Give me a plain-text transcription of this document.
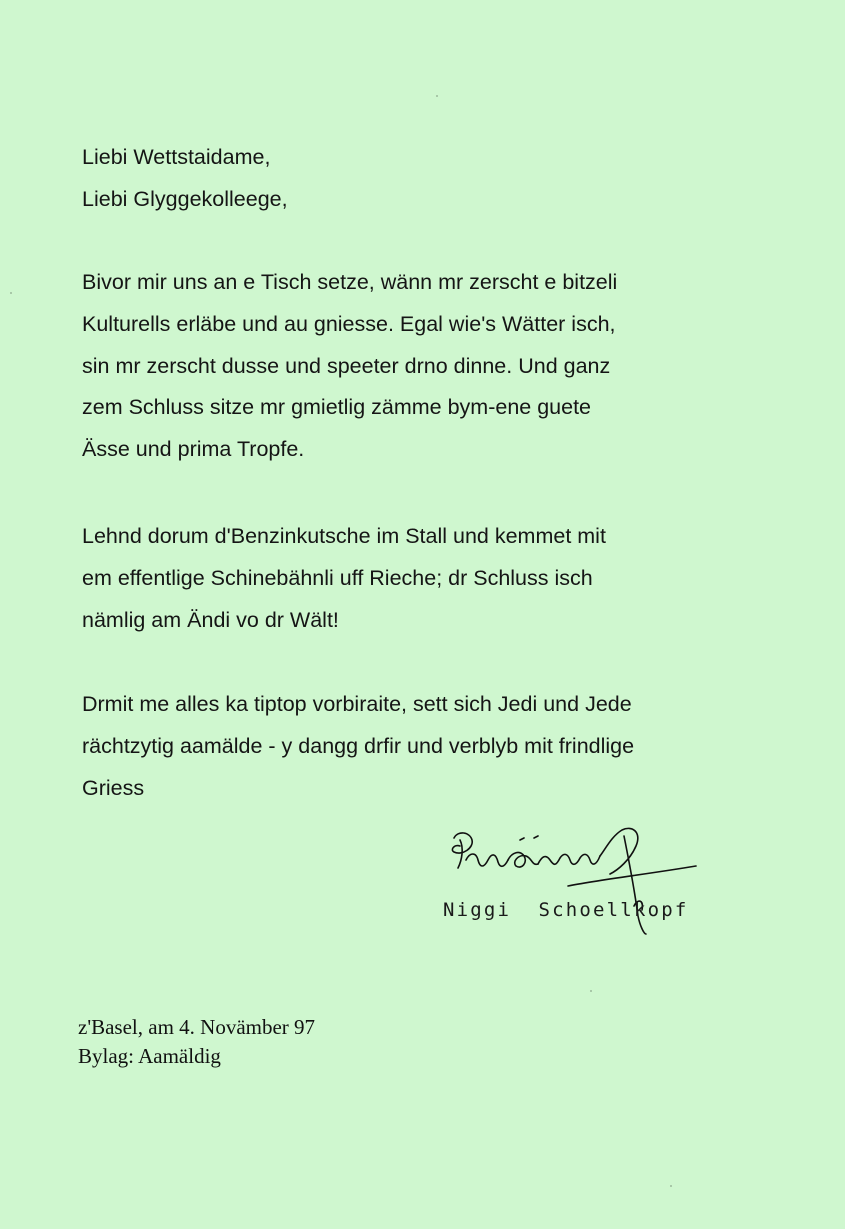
Liebi Wettstaidame,
Liebi Glyggekolleege,
Bivor mir uns an e Tisch setze, wänn mr zerscht e bitzeli
Kulturells erläbe und au gniesse. Egal wie's Wätter isch,
sin mr zerscht dusse und speeter drno dinne. Und ganz
zem Schluss sitze mr gmietlig zämme bym-ene guete
Ässe und prima Tropfe.
Lehnd dorum d'Benzinkutsche im Stall und kemmet mit
em effentlige Schinebähnli uff Rieche; dr Schluss isch
nämlig am Ändi vo dr Wält!
Drmit me alles ka tiptop vorbiraite, sett sich Jedi und Jede
rächtzytig aamälde - y dangg drfir und verblyb mit frindlige
Griess
Niggi  Schoellkopf
z'Basel, am 4. Novämber 97
Bylag: Aamäldig
